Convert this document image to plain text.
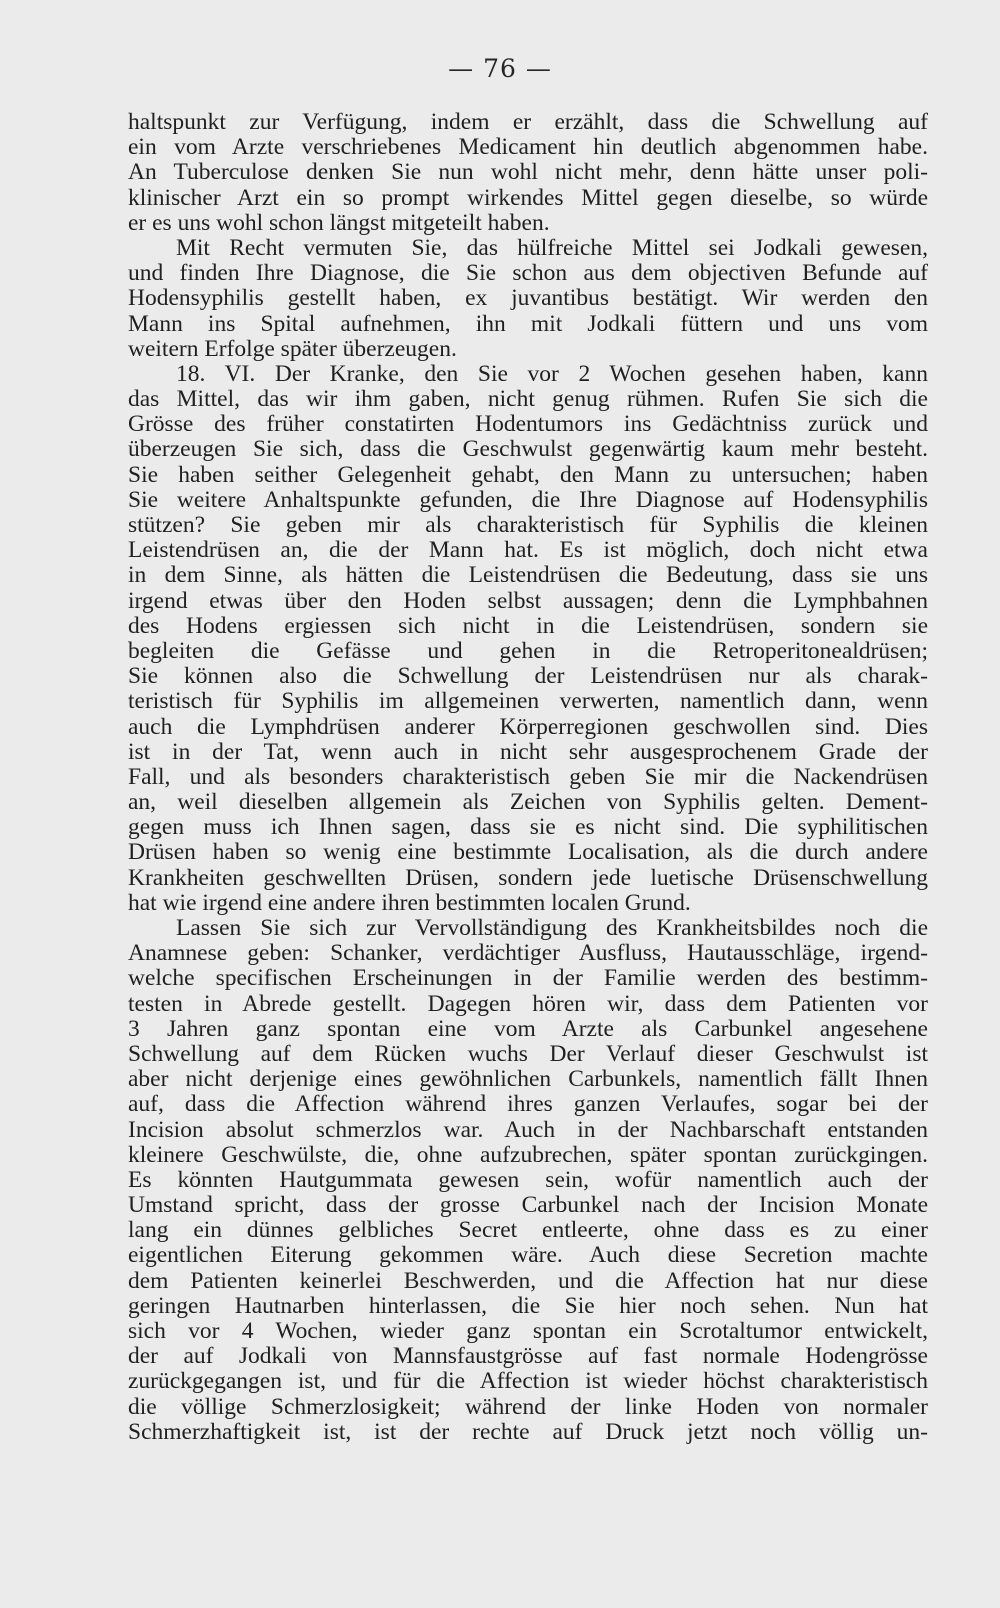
— 76 —
haltspunkt zur Verfügung, indem er erzählt, dass die Schwellung auf
ein vom Arzte verschriebenes Medicament hin deutlich abgenommen habe.
An Tuberculose denken Sie nun wohl nicht mehr, denn hätte unser poli-
klinischer Arzt ein so prompt wirkendes Mittel gegen dieselbe, so würde
er es uns wohl schon längst mitgeteilt haben.
Mit Recht vermuten Sie, das hülfreiche Mittel sei Jodkali gewesen,
und finden Ihre Diagnose, die Sie schon aus dem objectiven Befunde auf
Hodensyphilis gestellt haben, ex juvantibus bestätigt. Wir werden den
Mann ins Spital aufnehmen, ihn mit Jodkali füttern und uns vom
weitern Erfolge später überzeugen.
18. VI. Der Kranke, den Sie vor 2 Wochen gesehen haben, kann
das Mittel, das wir ihm gaben, nicht genug rühmen. Rufen Sie sich die
Grösse des früher constatirten Hodentumors ins Gedächtniss zurück und
überzeugen Sie sich, dass die Geschwulst gegenwärtig kaum mehr besteht.
Sie haben seither Gelegenheit gehabt, den Mann zu untersuchen; haben
Sie weitere Anhaltspunkte gefunden, die Ihre Diagnose auf Hodensyphilis
stützen? Sie geben mir als charakteristisch für Syphilis die kleinen
Leistendrüsen an, die der Mann hat. Es ist möglich, doch nicht etwa
in dem Sinne, als hätten die Leistendrüsen die Bedeutung, dass sie uns
irgend etwas über den Hoden selbst aussagen; denn die Lymphbahnen
des Hodens ergiessen sich nicht in die Leistendrüsen, sondern sie
begleiten die Gefässe und gehen in die Retroperitonealdrüsen;
Sie können also die Schwellung der Leistendrüsen nur als charak-
teristisch für Syphilis im allgemeinen verwerten, namentlich dann, wenn
auch die Lymphdrüsen anderer Körperregionen geschwollen sind. Dies
ist in der Tat, wenn auch in nicht sehr ausgesprochenem Grade der
Fall, und als besonders charakteristisch geben Sie mir die Nackendrüsen
an, weil dieselben allgemein als Zeichen von Syphilis gelten. Dement-
gegen muss ich Ihnen sagen, dass sie es nicht sind. Die syphilitischen
Drüsen haben so wenig eine bestimmte Localisation, als die durch andere
Krankheiten geschwellten Drüsen, sondern jede luetische Drüsenschwellung
hat wie irgend eine andere ihren bestimmten localen Grund.
Lassen Sie sich zur Vervollständigung des Krankheitsbildes noch die
Anamnese geben: Schanker, verdächtiger Ausfluss, Hautausschläge, irgend-
welche specifischen Erscheinungen in der Familie werden des bestimm-
testen in Abrede gestellt. Dagegen hören wir, dass dem Patienten vor
3 Jahren ganz spontan eine vom Arzte als Carbunkel angesehene
Schwellung auf dem Rücken wuchs Der Verlauf dieser Geschwulst ist
aber nicht derjenige eines gewöhnlichen Carbunkels, namentlich fällt Ihnen
auf, dass die Affection während ihres ganzen Verlaufes, sogar bei der
Incision absolut schmerzlos war. Auch in der Nachbarschaft entstanden
kleinere Geschwülste, die, ohne aufzubrechen, später spontan zurückgingen.
Es könnten Hautgummata gewesen sein, wofür namentlich auch der
Umstand spricht, dass der grosse Carbunkel nach der Incision Monate
lang ein dünnes gelbliches Secret entleerte, ohne dass es zu einer
eigentlichen Eiterung gekommen wäre. Auch diese Secretion machte
dem Patienten keinerlei Beschwerden, und die Affection hat nur diese
geringen Hautnarben hinterlassen, die Sie hier noch sehen. Nun hat
sich vor 4 Wochen, wieder ganz spontan ein Scrotaltumor entwickelt,
der auf Jodkali von Mannsfaustgrösse auf fast normale Hodengrösse
zurückgegangen ist, und für die Affection ist wieder höchst charakteristisch
die völlige Schmerzlosigkeit; während der linke Hoden von normaler
Schmerzhaftigkeit ist, ist der rechte auf Druck jetzt noch völlig un-
